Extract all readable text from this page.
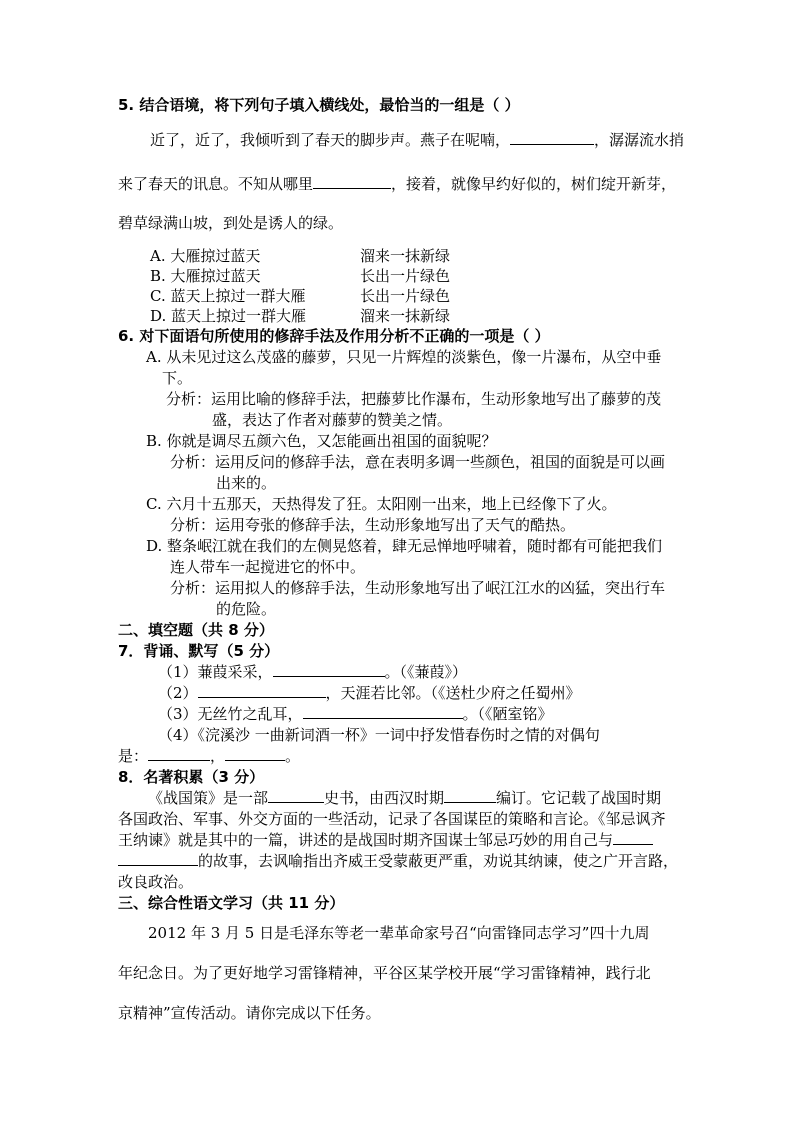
5. 结合语境，将下列句子填入横线处，最恰当的一组是（ ）
近了，近了，我倾听到了春天的脚步声。燕子在呢喃，	，潺潺流水捎
来了春天的讯息。不知从哪里	，接着，就像早约好似的，树们绽开新芽，
碧草绿满山坡，到处是诱人的绿。
A. 大雁掠过蓝天	溜来一抹新绿
B. 大雁掠过蓝天	长出一片绿色
C. 蓝天上掠过一群大雁	长出一片绿色
D. 蓝天上掠过一群大雁	溜来一抹新绿
6. 对下面语句所使用的修辞手法及作用分析不正确的一项是（ ）
A. 从未见过这么茂盛的藤萝，只见一片辉煌的淡紫色，像一片瀑布，从空中垂
下。
分析：运用比喻的修辞手法，把藤萝比作瀑布，生动形象地写出了藤萝的茂
盛，表达了作者对藤萝的赞美之情。
B. 你就是调尽五颜六色，又怎能画出祖国的面貌呢？
分析：运用反问的修辞手法，意在表明多调一些颜色，祖国的面貌是可以画
出来的。
C. 六月十五那天，天热得发了狂。太阳刚一出来，地上已经像下了火。
分析：运用夸张的修辞手法，生动形象地写出了天气的酷热。
D. 整条岷江就在我们的左侧晃悠着，肆无忌惮地呼啸着，随时都有可能把我们
连人带车一起搅进它的怀中。
分析：运用拟人的修辞手法，生动形象地写出了岷江江水的凶猛，突出行车
的危险。
二、填空题（共 8 分）
7．背诵、默写（5 分）
（1）蒹葭采采，	。（《蒹葭》）
（2）	，天涯若比邻。（《送杜少府之任蜀州》
（3）无丝竹之乱耳，	。（《陋室铭》
（4）《浣溪沙 一曲新词酒一杯》一词中抒发惜春伤时之情的对偶句
是：	，	。
8．名著积累（3 分）
《战国策》是一部	史书，由西汉时期	编订。它记载了战国时期
各国政治、军事、外交方面的一些活动，记录了各国谋臣的策略和言论。《邹忌讽齐
王纳谏》就是其中的一篇，讲述的是战国时期齐国谋士邹忌巧妙的用自己与
的故事，去讽喻指出齐威王受蒙蔽更严重，劝说其纳谏，使之广开言路，
改良政治。
三、综合性语文学习（共 11 分）
2012 年 3 月 5 日是毛泽东等老一辈革命家号召“向雷锋同志学习”四十九周
年纪念日。为了更好地学习雷锋精神，平谷区某学校开展“学习雷锋精神，践行北
京精神”宣传活动。请你完成以下任务。
